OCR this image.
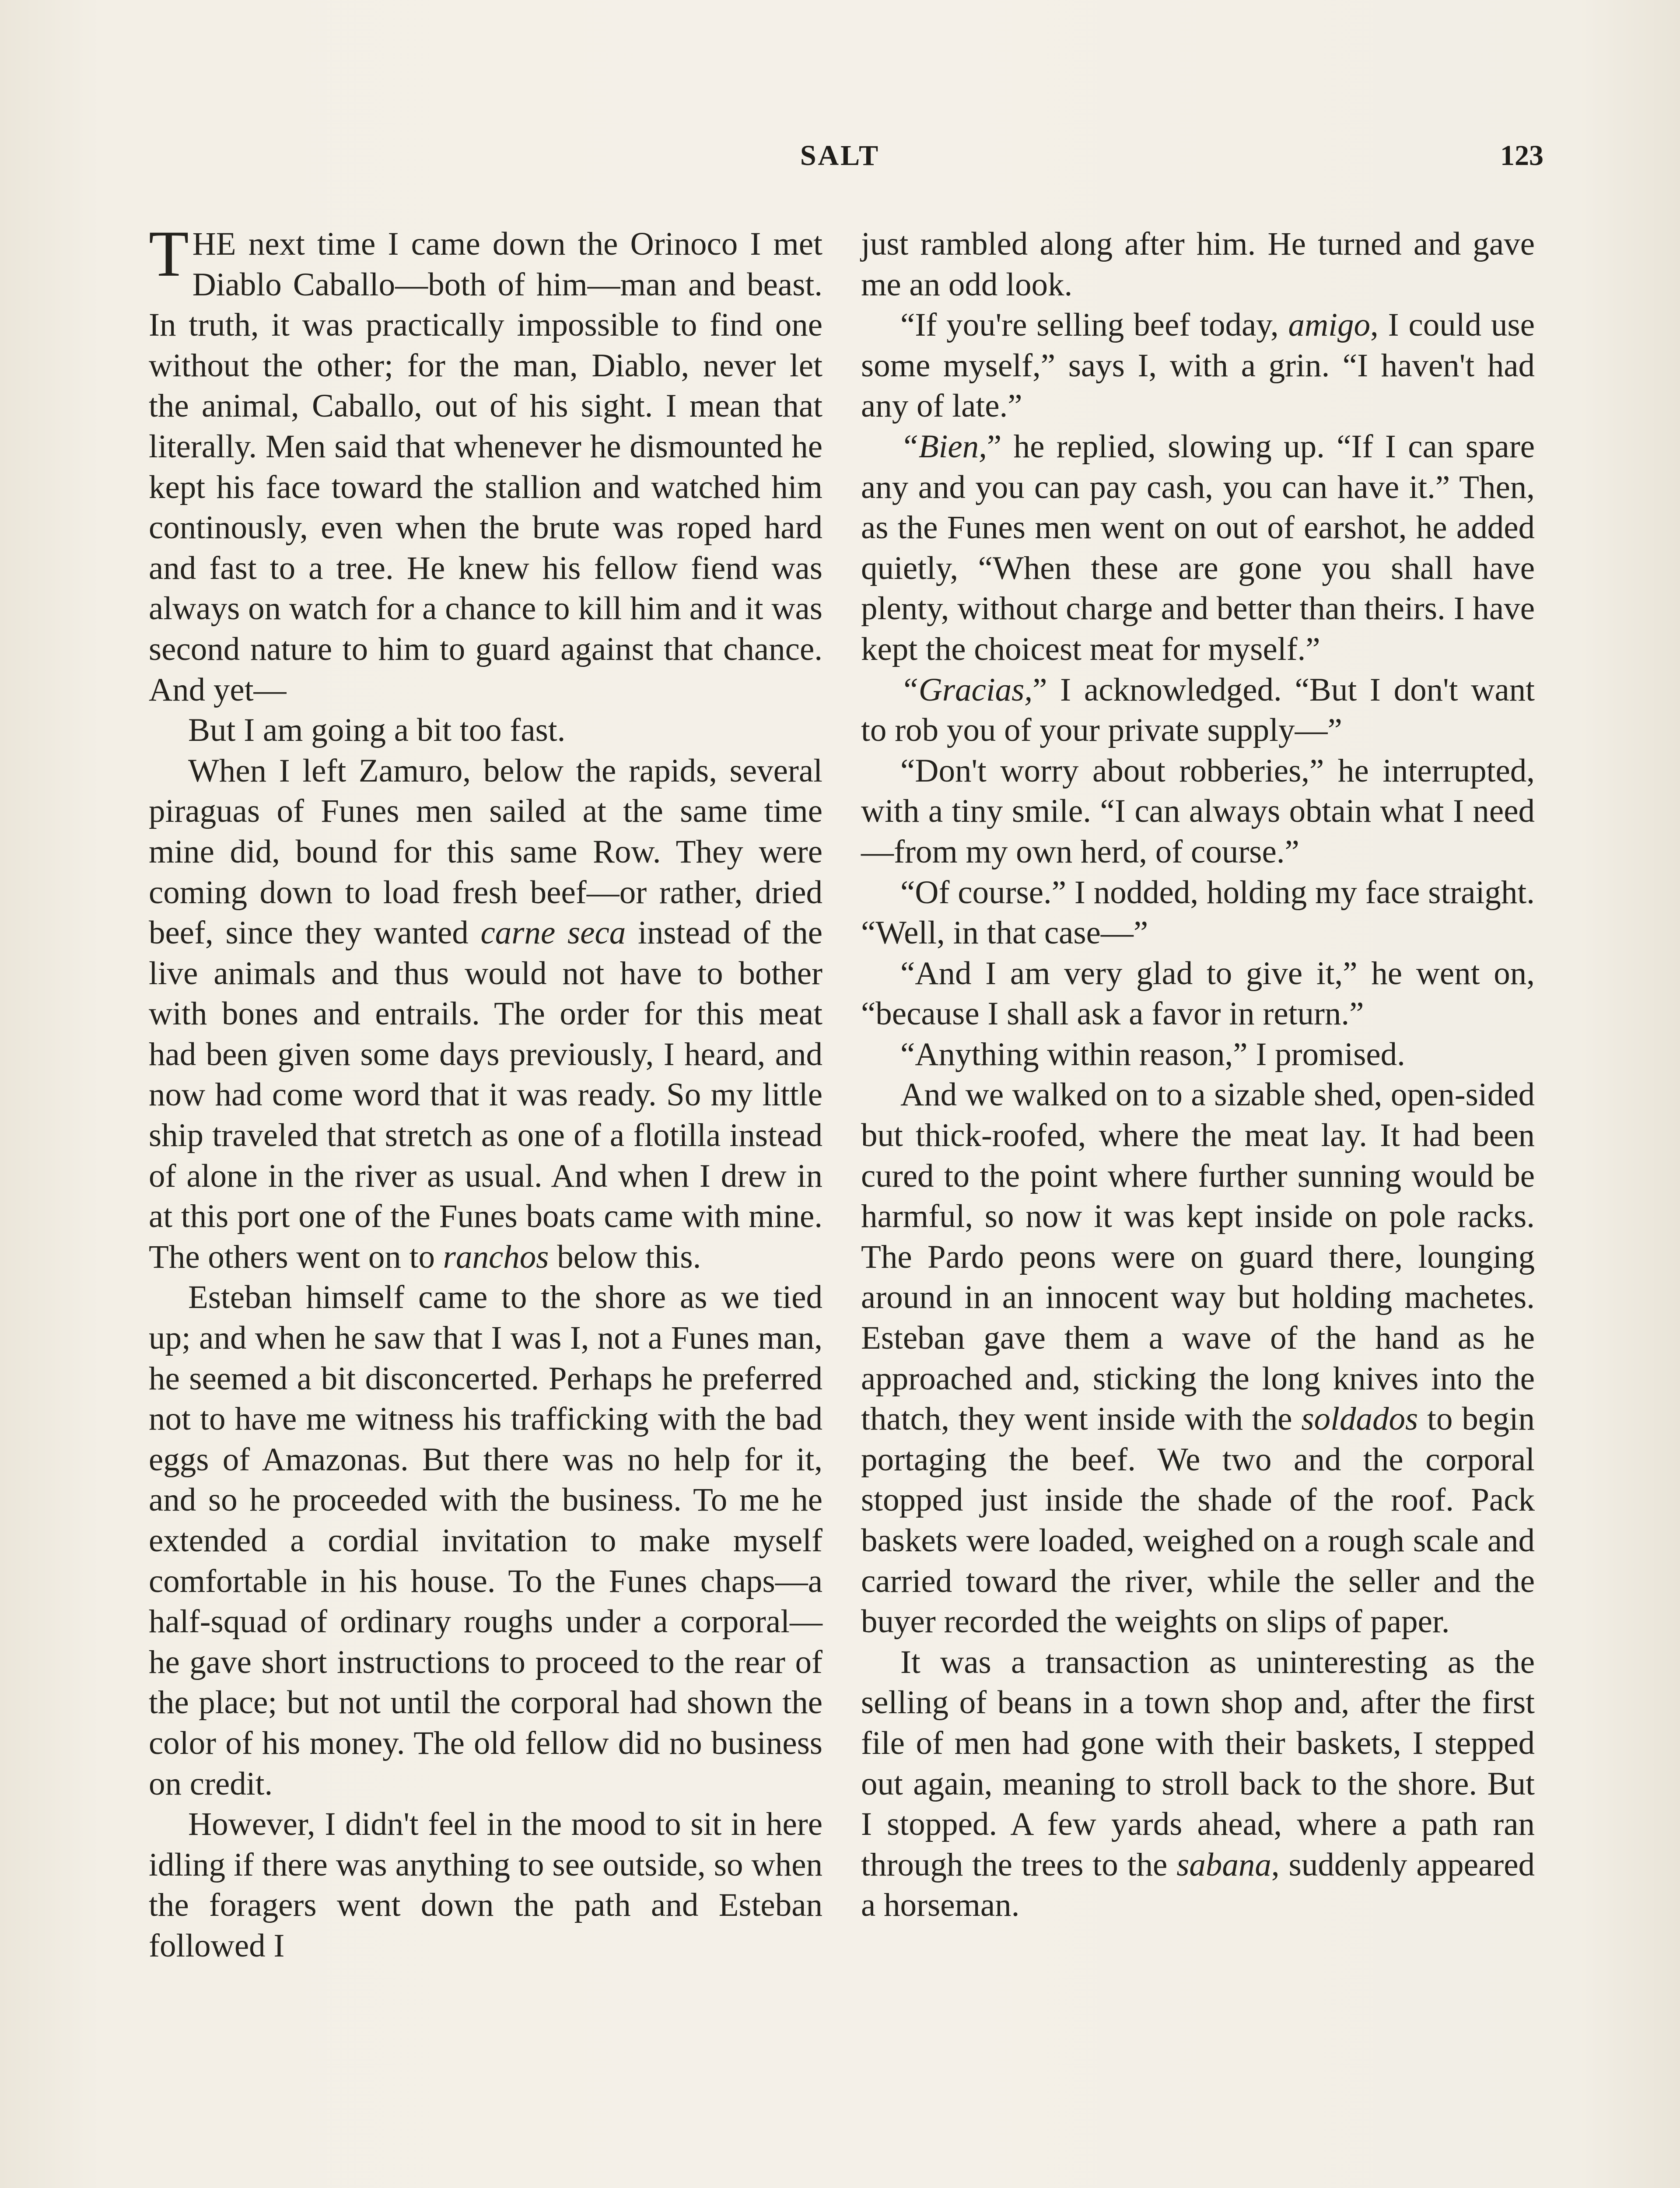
SALT	123

THE next time I came down the Orinoco I met Diablo Caballo—both of him—man and beast. In truth, it was practically impossible to find one without the other; for the man, Diablo, never let the animal, Caballo, out of his sight. I mean that literally. Men said that whenever he dismounted he kept his face toward the stallion and watched him continously, even when the brute was roped hard and fast to a tree. He knew his fellow fiend was always on watch for a chance to kill him and it was second nature to him to guard against that chance. And yet—

But I am going a bit too fast.

When I left Zamuro, below the rapids, several piraguas of Funes men sailed at the same time mine did, bound for this same Row. They were coming down to load fresh beef—or rather, dried beef, since they wanted carne seca instead of the live animals and thus would not have to bother with bones and entrails. The order for this meat had been given some days previously, I heard, and now had come word that it was ready. So my little ship traveled that stretch as one of a flotilla instead of alone in the river as usual. And when I drew in at this port one of the Funes boats came with mine. The others went on to ranchos below this.

Esteban himself came to the shore as we tied up; and when he saw that I was I, not a Funes man, he seemed a bit disconcerted. Perhaps he preferred not to have me witness his trafficking with the bad eggs of Amazonas. But there was no help for it, and so he proceeded with the business. To me he extended a cordial invitation to make myself comfortable in his house. To the Funes chaps—a half-squad of ordinary roughs under a corporal—he gave short instructions to proceed to the rear of the place; but not until the corporal had shown the color of his money. The old fellow did no business on credit.

However, I didn't feel in the mood to sit in here idling if there was anything to see outside, so when the foragers went down the path and Esteban followed I

just rambled along after him. He turned and gave me an odd look.

“If you're selling beef today, amigo, I could use some myself,” says I, with a grin. “I haven't had any of late.”

“Bien,” he replied, slowing up. “If I can spare any and you can pay cash, you can have it.” Then, as the Funes men went on out of earshot, he added quietly, “When these are gone you shall have plenty, without charge and better than theirs. I have kept the choicest meat for myself.”

“Gracias,” I acknowledged. “But I don't want to rob you of your private supply—”

“Don't worry about robberies,” he interrupted, with a tiny smile. “I can always obtain what I need—from my own herd, of course.”

“Of course.” I nodded, holding my face straight. “Well, in that case—”

“And I am very glad to give it,” he went on, “because I shall ask a favor in return.”

“Anything within reason,” I promised.

And we walked on to a sizable shed, open-sided but thick-roofed, where the meat lay. It had been cured to the point where further sunning would be harmful, so now it was kept inside on pole racks. The Pardo peons were on guard there, lounging around in an innocent way but holding machetes. Esteban gave them a wave of the hand as he approached and, sticking the long knives into the thatch, they went inside with the soldados to begin portaging the beef. We two and the corporal stopped just inside the shade of the roof. Pack baskets were loaded, weighed on a rough scale and carried toward the river, while the seller and the buyer recorded the weights on slips of paper.

It was a transaction as uninteresting as the selling of beans in a town shop and, after the first file of men had gone with their baskets, I stepped out again, meaning to stroll back to the shore. But I stopped. A few yards ahead, where a path ran through the trees to the sabana, suddenly appeared a horseman.
